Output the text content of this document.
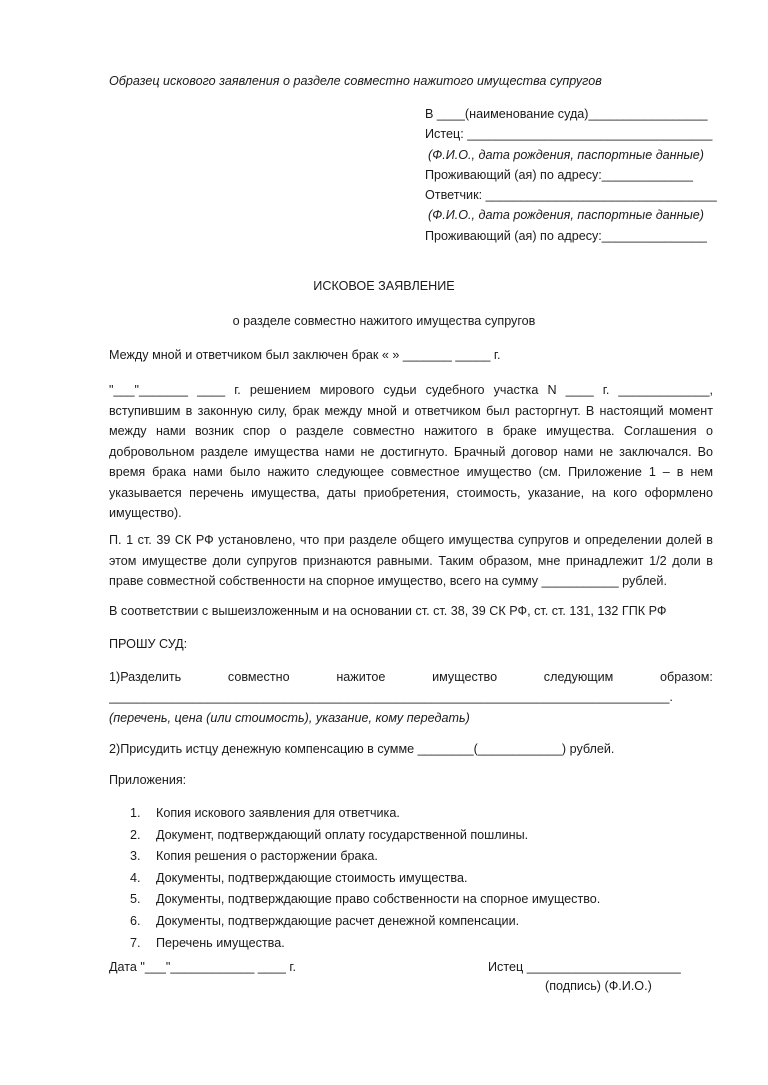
Образец искового заявления о разделе совместно нажитого имущества супругов
В ____(наименование суда)_________________
Истец: ___________________________________
(Ф.И.О., дата рождения, паспортные данные)
Проживающий (ая) по адресу:_____________
Ответчик: _________________________________
(Ф.И.О., дата рождения, паспортные данные)
Проживающий (ая) по адресу:_______________
ИСКОВОЕ ЗАЯВЛЕНИЕ
о разделе совместно нажитого имущества супругов
Между мной и ответчиком был заключен брак « » _______ _____ г.
"___"_______ ____ г. решением мирового судьи судебного участка N ____ г. _____________, вступившим в законную силу, брак между мной и ответчиком был расторгнут. В настоящий момент между нами возник спор о разделе совместно нажитого в браке имущества. Соглашения о добровольном разделе имущества нами не достигнуто. Брачный договор нами не заключался. Во время брака нами было нажито следующее совместное имущество (см. Приложение 1 – в нем указывается перечень имущества, даты приобретения, стоимость, указание, на кого оформлено имущество).
П. 1 ст. 39 СК РФ установлено, что при разделе общего имущества супругов и определении долей в этом имуществе доли супругов признаются равными. Таким образом, мне принадлежит 1/2 доли в праве совместной собственности на спорное имущество, всего на сумму ___________ рублей.
В соответствии с вышеизложенным и на основании ст. ст. 38, 39 СК РФ, ст. ст. 131, 132 ГПК РФ
ПРОШУ СУД:
1)Разделить	совместно	нажитое	имущество	следующим	образом:
________________________________________________________________________________.
(перечень, цена (или стоимость), указание, кому передать)
2)Присудить истцу денежную компенсацию в сумме ________(____________) рублей.
Приложения:
1. Копия искового заявления для ответчика.
2. Документ, подтверждающий оплату государственной пошлины.
3. Копия решения о расторжении брака.
4. Документы, подтверждающие стоимость имущества.
5. Документы, подтверждающие право собственности на спорное имущество.
6. Документы, подтверждающие расчет денежной компенсации.
7. Перечень имущества.
Дата "___"____________ ____ г.	Истец ______________________
(подпись) (Ф.И.О.)
